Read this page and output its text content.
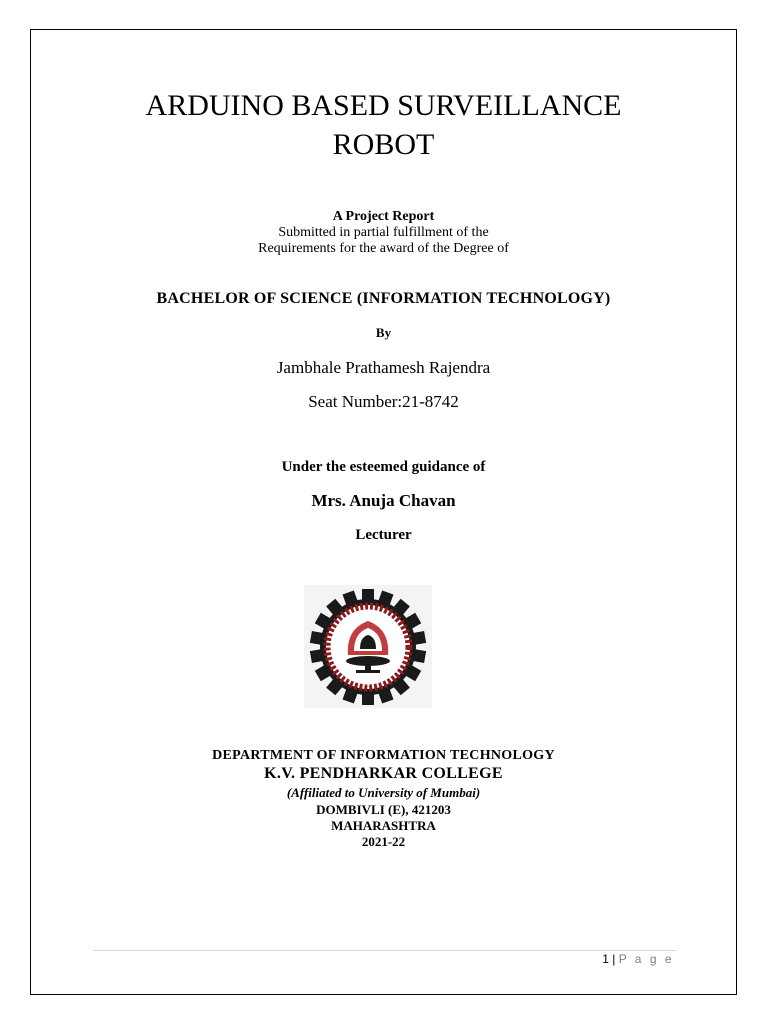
ARDUINO BASED SURVEILLANCE
ROBOT
A Project Report
Submitted in partial fulfillment of the
Requirements for the award of the Degree of
BACHELOR OF SCIENCE (INFORMATION TECHNOLOGY)
By
Jambhale Prathamesh Rajendra
Seat Number:21-8742
Under the esteemed guidance of
Mrs. Anuja Chavan
Lecturer
DEPARTMENT OF INFORMATION TECHNOLOGY
K.V. PENDHARKAR COLLEGE
(Affiliated to University of Mumbai)
DOMBIVLI (E), 421203
MAHARASHTRA
2021-22
1 | P a g e
